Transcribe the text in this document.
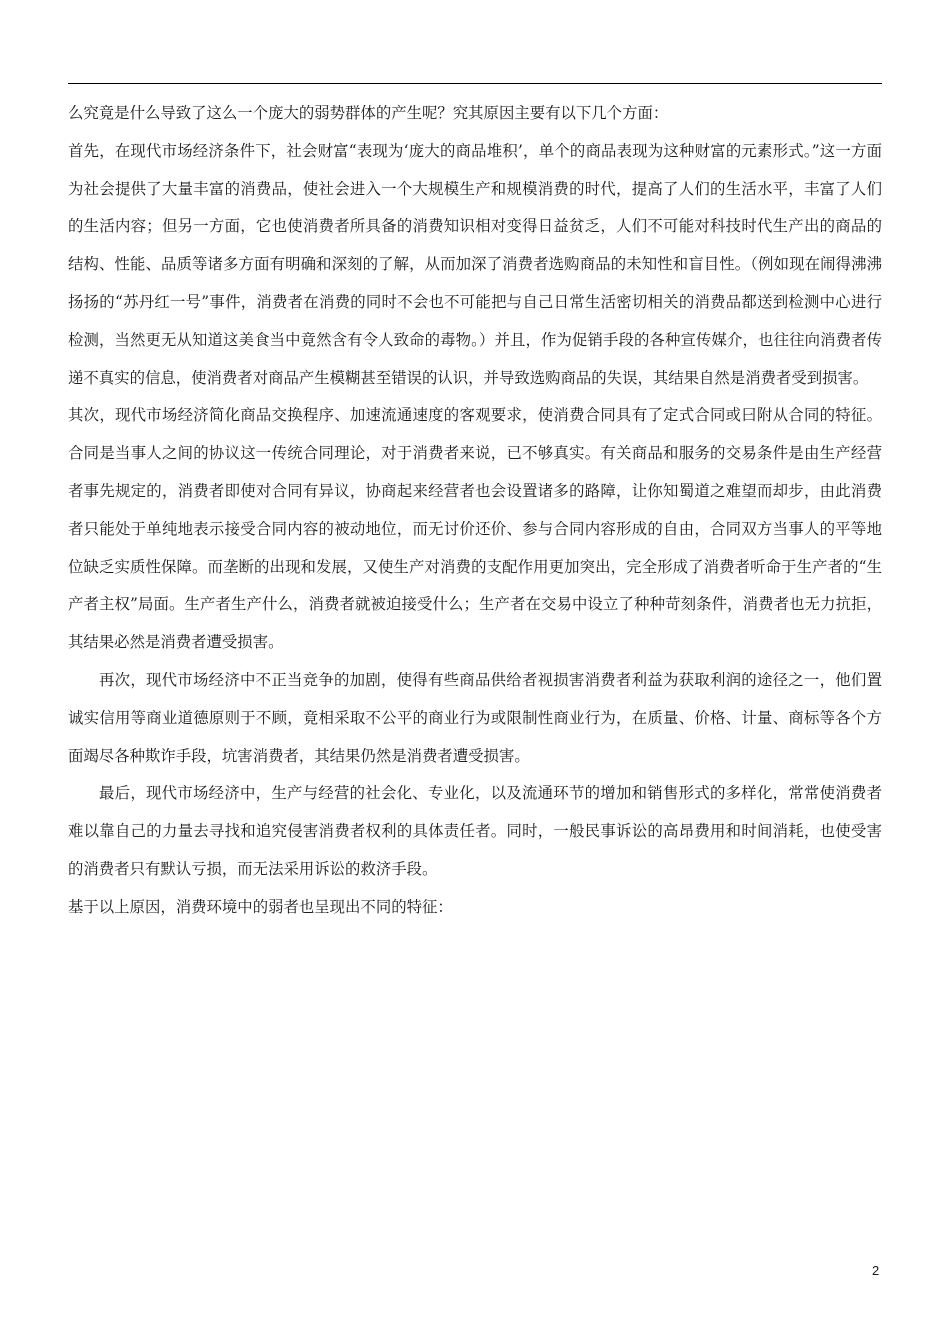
么究竟是什么导致了这么一个庞大的弱势群体的产生呢？究其原因主要有以下几个方面：

首先，在现代市场经济条件下，社会财富“表现为‘庞大的商品堆积’，单个的商品表现为这种财富的元素形式。”这一方面为社会提供了大量丰富的消费品，使社会进入一个大规模生产和规模消费的时代，提高了人们的生活水平，丰富了人们的生活内容；但另一方面，它也使消费者所具备的消费知识相对变得日益贫乏，人们不可能对科技时代生产出的商品的结构、性能、品质等诸多方面有明确和深刻的了解，从而加深了消费者选购商品的未知性和盲目性。（例如现在闹得沸沸扬扬的“苏丹红一号”事件，消费者在消费的同时不会也不可能把与自己日常生活密切相关的消费品都送到检测中心进行检测，当然更无从知道这美食当中竟然含有令人致命的毒物。）并且，作为促销手段的各种宣传媒介，也往往向消费者传递不真实的信息，使消费者对商品产生模糊甚至错误的认识，并导致选购商品的失误，其结果自然是消费者受到损害。

其次，现代市场经济简化商品交换程序、加速流通速度的客观要求，使消费合同具有了定式合同或曰附从合同的特征。合同是当事人之间的协议这一传统合同理论，对于消费者来说，已不够真实。有关商品和服务的交易条件是由生产经营者事先规定的，消费者即使对合同有异议，协商起来经营者也会设置诸多的路障，让你知蜀道之难望而却步，由此消费者只能处于单纯地表示接受合同内容的被动地位，而无讨价还价、参与合同内容形成的自由，合同双方当事人的平等地位缺乏实质性保障。而垄断的出现和发展，又使生产对消费的支配作用更加突出，完全形成了消费者听命于生产者的“生产者主权”局面。生产者生产什么，消费者就被迫接受什么；生产者在交易中设立了种种苛刻条件，消费者也无力抗拒，其结果必然是消费者遭受损害。

再次，现代市场经济中不正当竞争的加剧，使得有些商品供给者视损害消费者利益为获取利润的途径之一，他们置诚实信用等商业道德原则于不顾，竟相采取不公平的商业行为或限制性商业行为，在质量、价格、计量、商标等各个方面竭尽各种欺诈手段，坑害消费者，其结果仍然是消费者遭受损害。

最后，现代市场经济中，生产与经营的社会化、专业化，以及流通环节的增加和销售形式的多样化，常常使消费者难以靠自己的力量去寻找和追究侵害消费者权利的具体责任者。同时，一般民事诉讼的高昂费用和时间消耗，也使受害的消费者只有默认亏损，而无法采用诉讼的救济手段。

基于以上原因，消费环境中的弱者也呈现出不同的特征：

2
